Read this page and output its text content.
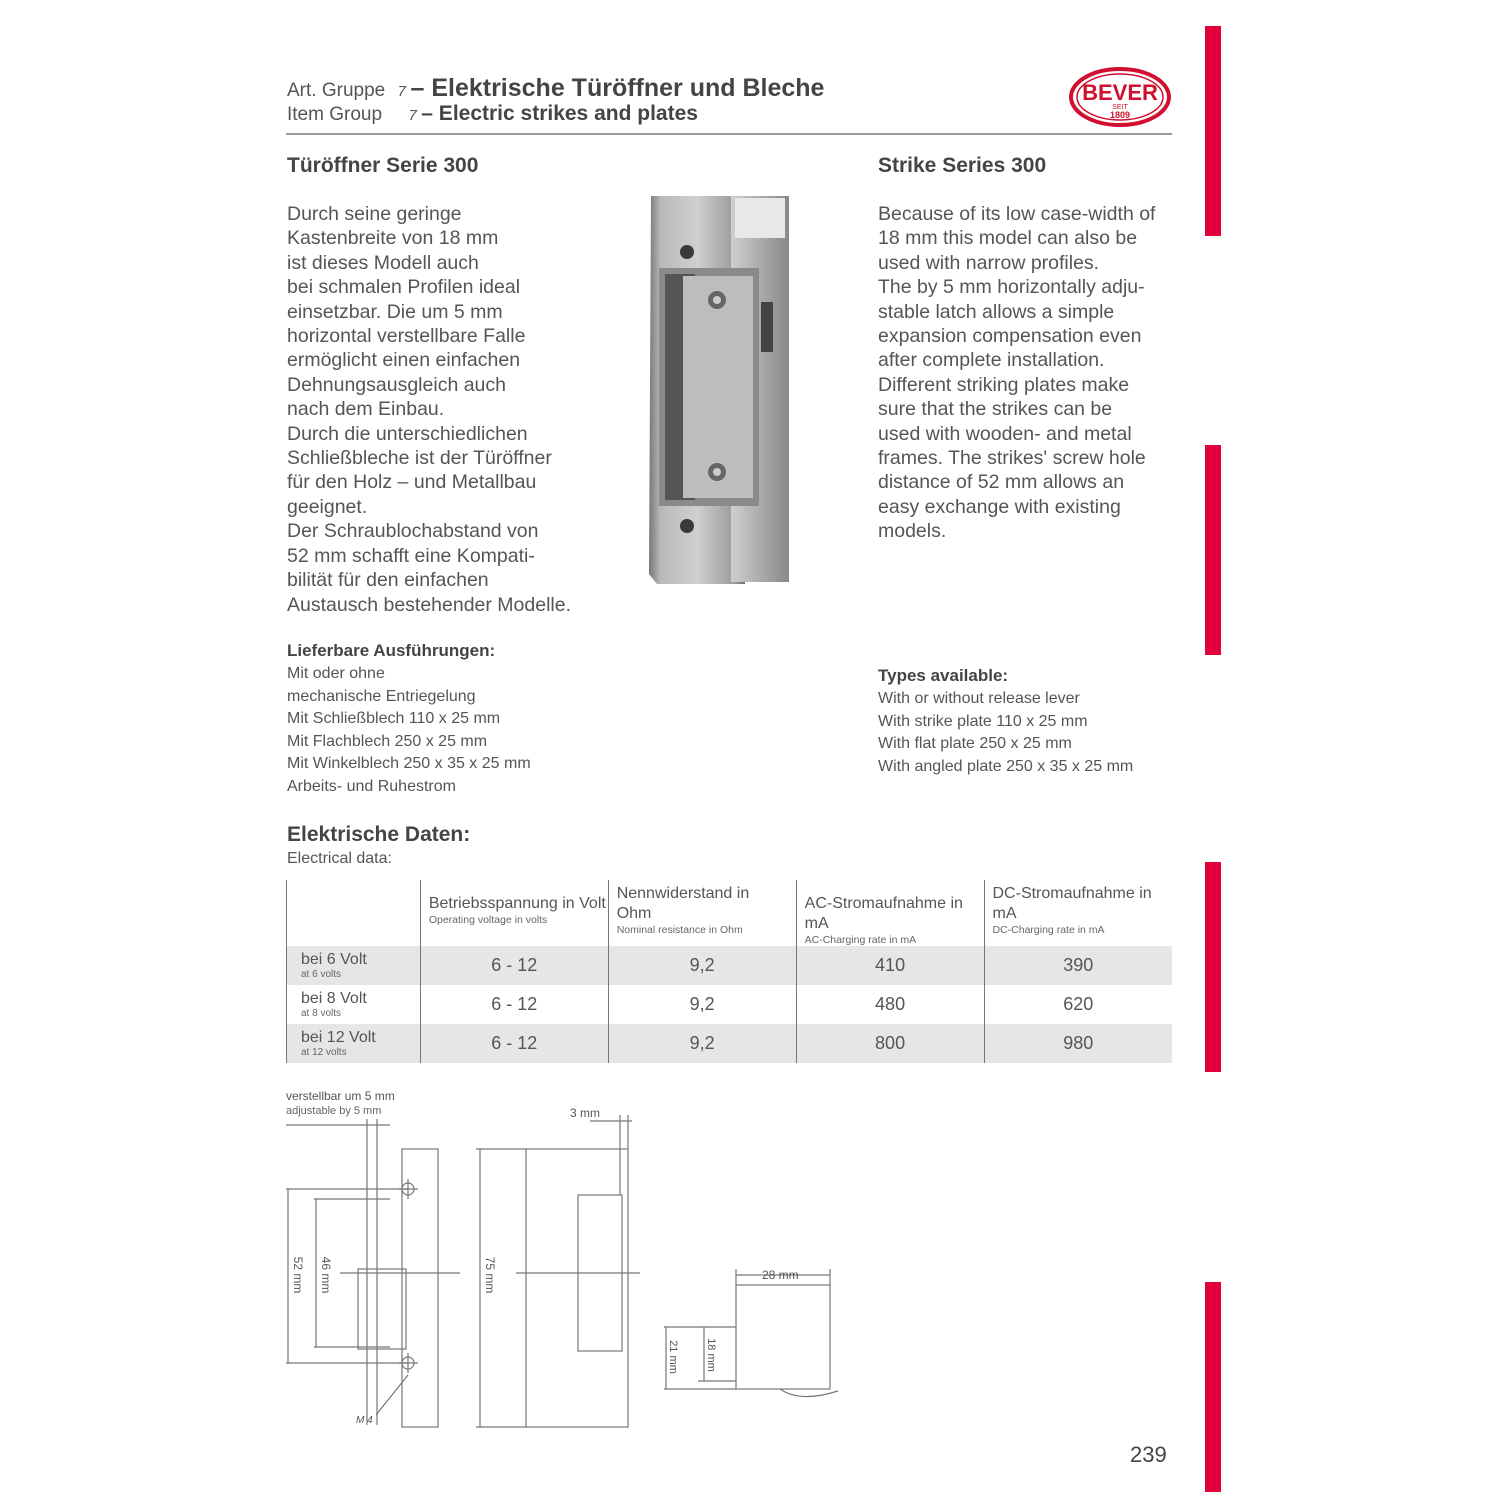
Art. Gruppe 7 – Elektrische Türöffner und Bleche
Item Group 7 – Electric strikes and plates
BEVER
SEIT
1809
Türöffner Serie 300
Durch seine geringe
Kastenbreite von 18 mm
ist dieses Modell auch
bei schmalen Profilen ideal
einsetzbar. Die um 5 mm
horizontal verstellbare Falle
ermöglicht einen einfachen
Dehnungsausgleich auch
nach dem Einbau.
Durch die unterschiedlichen
Schließbleche ist der Türöffner
für den Holz – und Metallbau
geeignet.
Der Schraublochabstand von
52 mm schafft eine Kompati-
bilität für den einfachen
Austausch bestehender Modelle.
Lieferbare Ausführungen:
Mit oder ohne
mechanische Entriegelung
Mit Schließblech 110 x 25 mm
Mit Flachblech 250 x 25 mm
Mit Winkelblech 250 x 35 x 25 mm
Arbeits- und Ruhestrom
Strike Series 300
Because of its low case-width of
18 mm this model can also be
used with narrow profiles.
The by 5 mm horizontally adju-
stable latch allows a simple
expansion compensation even
after complete installation.
Different striking plates make
sure that the strikes can be
used with wooden- and metal
frames. The strikes' screw hole
distance of 52 mm allows an
easy exchange with existing
models.
Types available:
With or without release lever
With strike plate 110 x 25 mm
With flat plate 250 x 25 mm
With angled plate 250 x 35 x 25 mm
Elektrische Daten:
Electrical data:

	Betriebsspannung in Volt
Operating voltage in volts	Nennwiderstand in Ohm
Nominal resistance in Ohm	AC-Stromaufnahme in mA
AC-Charging rate in mA	DC-Stromaufnahme in mA
DC-Charging rate in mA

bei 6 Volt
at 6 volts	6 - 12	9,2	410	390

bei 8 Volt
at 8 volts	6 - 12	9,2	480	620

bei 12 Volt
at 12 volts	6 - 12	9,2	800	980
verstellbar um 5 mm
adjustable by 5 mm
52 mm 46 mm
M 4
75 mm
3 mm
28 mm
21 mm 18 mm
239
